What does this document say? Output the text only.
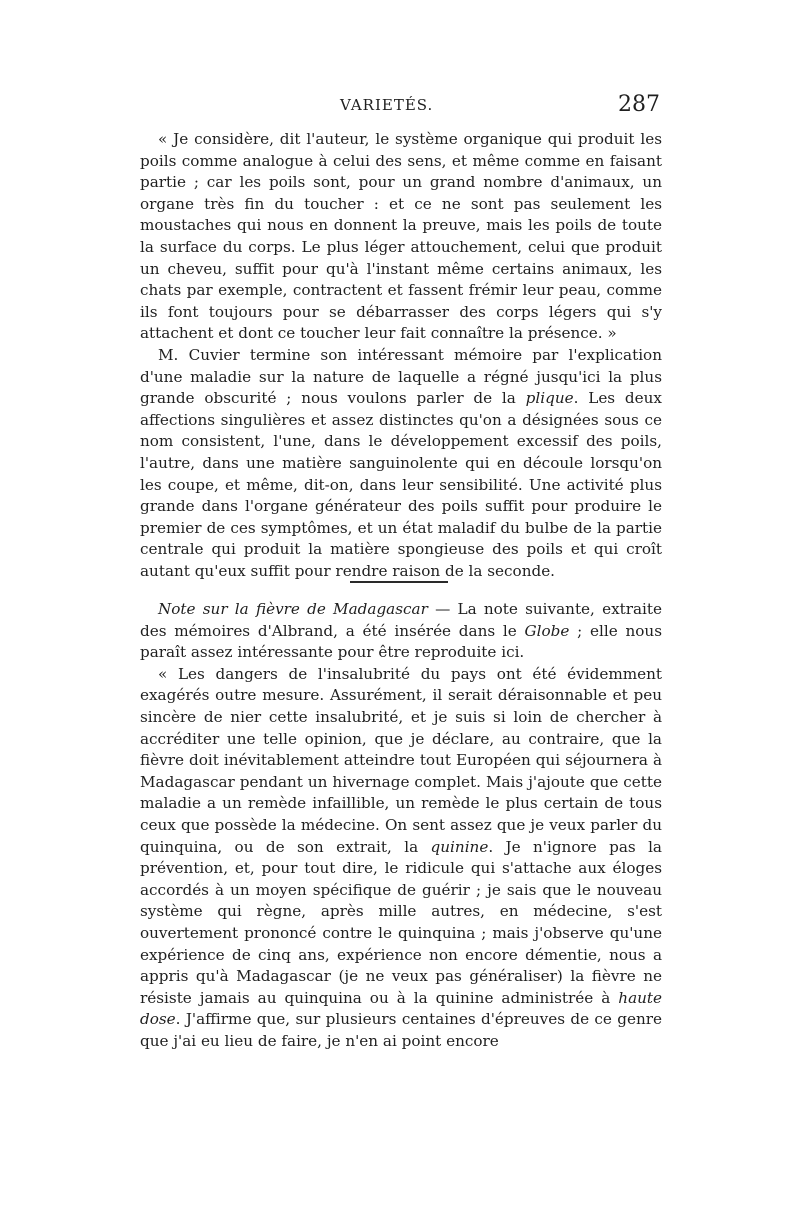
VARIETÉS.	287

« Je considère, dit l'auteur, le système organique qui produit les poils comme analogue à celui des sens, et même comme en faisant partie ; car les poils sont, pour un grand nombre d'animaux, un organe très fin du toucher : et ce ne sont pas seulement les moustaches qui nous en donnent la preuve, mais les poils de toute la surface du corps. Le plus léger attouchement, celui que produit un cheveu, suffit pour qu'à l'instant même certains animaux, les chats par exemple, contractent et fassent frémir leur peau, comme ils font toujours pour se débarrasser des corps légers qui s'y attachent et dont ce toucher leur fait connaître la présence. »

M. Cuvier termine son intéressant mémoire par l'explication d'une maladie sur la nature de laquelle a régné jusqu'ici la plus grande obscurité ; nous voulons parler de la plique. Les deux affections singulières et assez distinctes qu'on a désignées sous ce nom consistent, l'une, dans le développement excessif des poils, l'autre, dans une matière sanguinolente qui en découle lorsqu'on les coupe, et même, dit-on, dans leur sensibilité. Une activité plus grande dans l'organe générateur des poils suffit pour produire le premier de ces symptômes, et un état maladif du bulbe de la partie centrale qui produit la matière spongieuse des poils et qui croît autant qu'eux suffit pour rendre raison de la seconde.

Note sur la fièvre de Madagascar — La note suivante, extraite des mémoires d'Albrand, a été insérée dans le Globe ; elle nous paraît assez intéressante pour être reproduite ici.

« Les dangers de l'insalubrité du pays ont été évidemment exagérés outre mesure. Assurément, il serait déraisonnable et peu sincère de nier cette insalubrité, et je suis si loin de chercher à accréditer une telle opinion, que je déclare, au contraire, que la fièvre doit inévitablement atteindre tout Européen qui séjournera à Madagascar pendant un hivernage complet. Mais j'ajoute que cette maladie a un remède infaillible, un remède le plus certain de tous ceux que possède la médecine. On sent assez que je veux parler du quinquina, ou de son extrait, la quinine. Je n'ignore pas la prévention, et, pour tout dire, le ridicule qui s'attache aux éloges accordés à un moyen spécifique de guérir ; je sais que le nouveau système qui règne, après mille autres, en médecine, s'est ouvertement prononcé contre le quinquina ; mais j'observe qu'une expérience de cinq ans, expérience non encore démentie, nous a appris qu'à Madagascar (je ne veux pas généraliser) la fièvre ne résiste jamais au quinquina ou à la quinine administrée à haute dose. J'affirme que, sur plusieurs centaines d'épreuves de ce genre que j'ai eu lieu de faire, je n'en ai point encore
